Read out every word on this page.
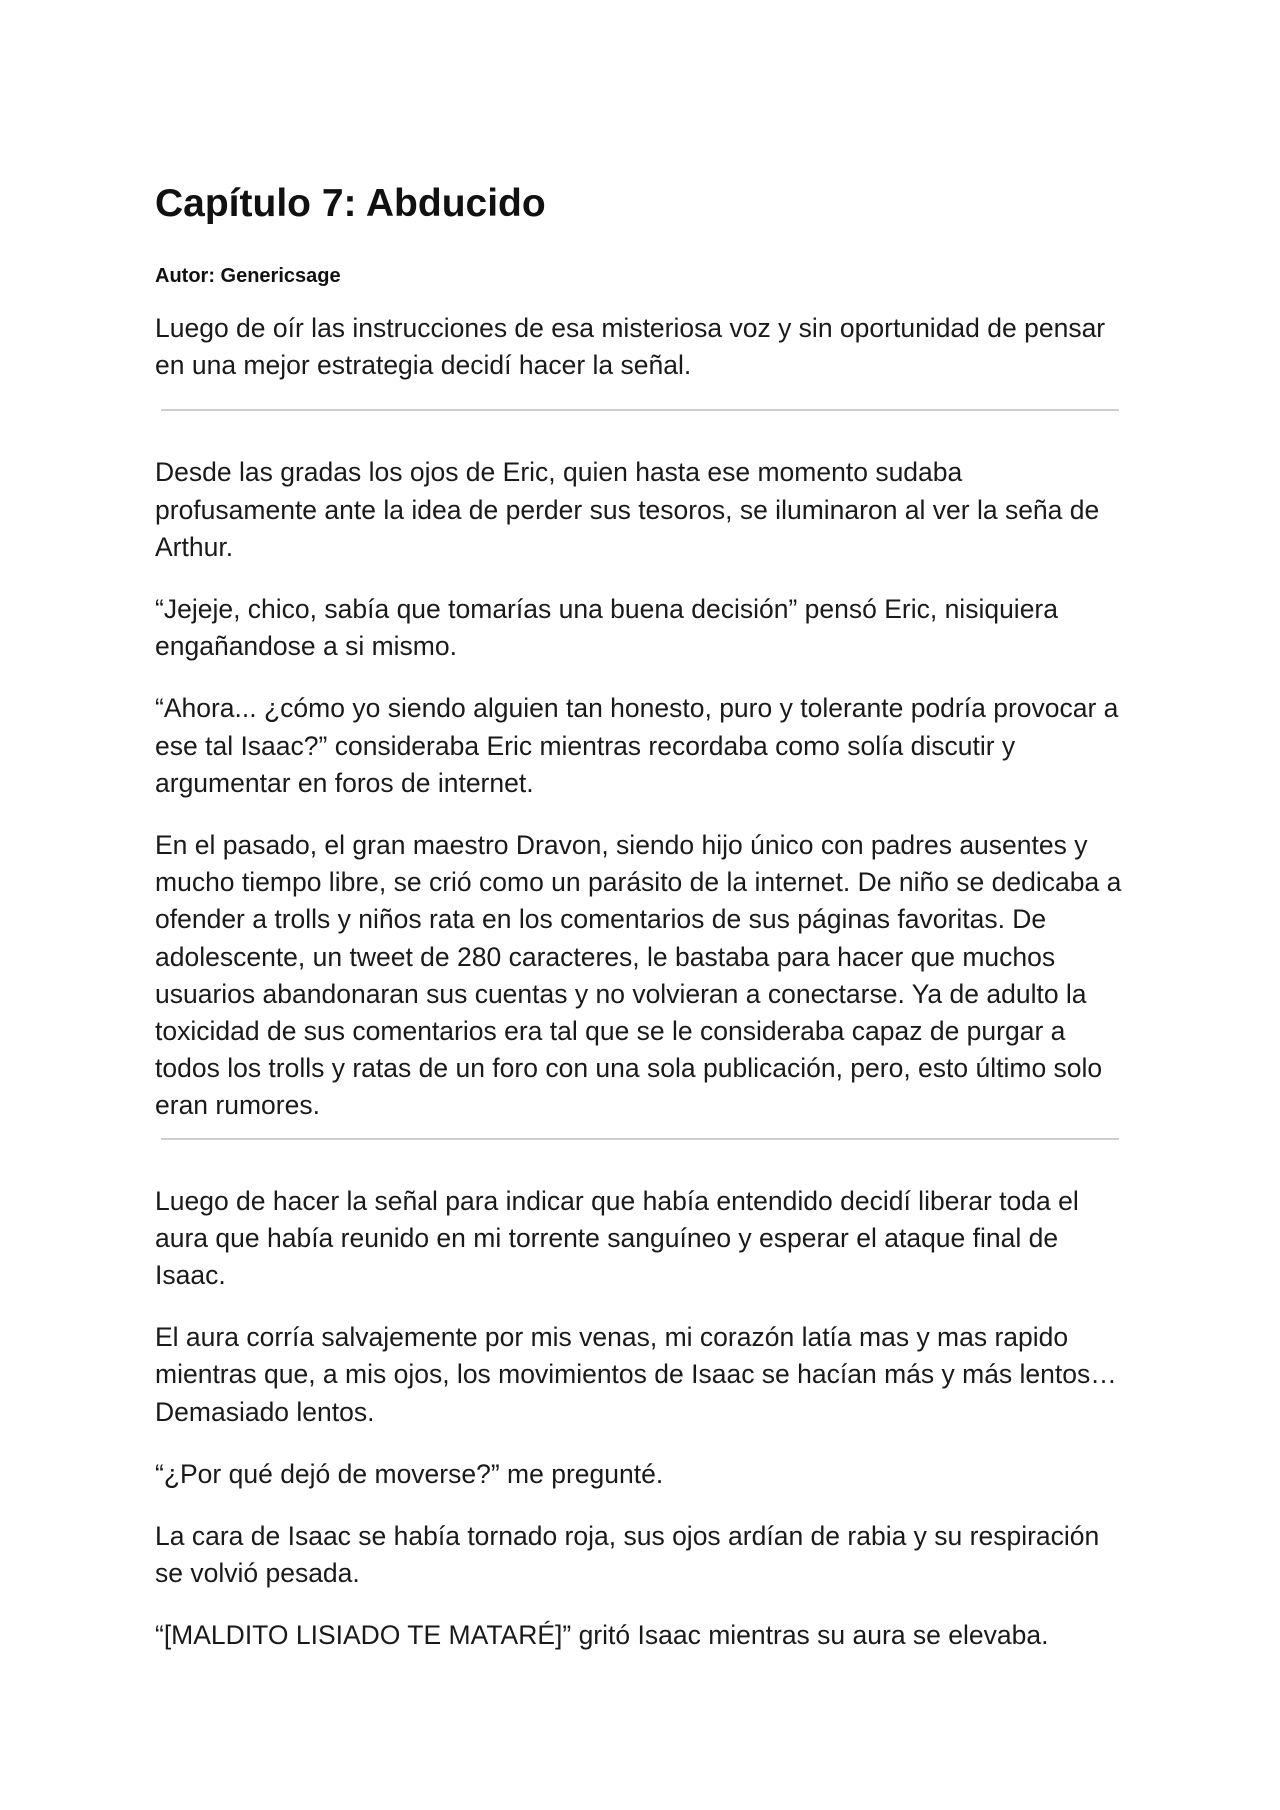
Capítulo 7: Abducido
Autor: Genericsage

Luego de oír las instrucciones de esa misteriosa voz y sin oportunidad de pensar en una mejor estrategia decidí hacer la señal.

Desde las gradas los ojos de Eric, quien hasta ese momento sudaba profusamente ante la idea de perder sus tesoros, se iluminaron al ver la seña de Arthur.

“Jejeje, chico, sabía que tomarías una buena decisión” pensó Eric, nisiquiera engañandose a si mismo.

“Ahora... ¿cómo yo siendo alguien tan honesto, puro y tolerante podría provocar a ese tal Isaac?” consideraba Eric mientras recordaba como solía discutir y argumentar en foros de internet.

En el pasado, el gran maestro Dravon, siendo hijo único con padres ausentes y mucho tiempo libre, se crió como un parásito de la internet. De niño se dedicaba a ofender a trolls y niños rata en los comentarios de sus páginas favoritas. De adolescente, un tweet de 280 caracteres, le bastaba para hacer que muchos usuarios abandonaran sus cuentas y no volvieran a conectarse. Ya de adulto la toxicidad de sus comentarios era tal que se le consideraba capaz de purgar a todos los trolls y ratas de un foro con una sola publicación, pero, esto último solo eran rumores.

Luego de hacer la señal para indicar que había entendido decidí liberar toda el aura que había reunido en mi torrente sanguíneo y esperar el ataque final de Isaac.

El aura corría salvajemente por mis venas, mi corazón latía mas y mas rapido mientras que, a mis ojos, los movimientos de Isaac se hacían más y más lentos… Demasiado lentos.

“¿Por qué dejó de moverse?” me pregunté.

La cara de Isaac se había tornado roja, sus ojos ardían de rabia y su respiración se volvió pesada.

“[MALDITO LISIADO TE MATARÉ]” gritó Isaac mientras su aura se elevaba.
